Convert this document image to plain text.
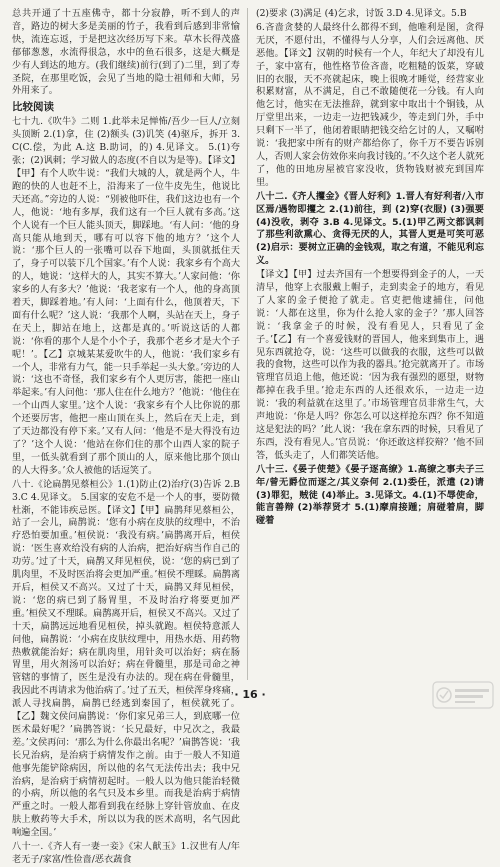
总共开通了十五座佛寺，都十分寂静，听不到人的声音，路边的树大多是美丽的竹子，我看到后感到非常愉快，流连忘返，于是把这次经历写下来。草木长得茂盛郁郁葱葱，水流得很急，水中的鱼石很多，这是大概是少有人到达的地方。(我们继续)前行(到了)二里，到了寿圣院，在那里吃饭，会见了当地的隐士祖师和大师，另外用来了。

比较阅读

七十九.《吹牛》二则 1.此举未足惮怖/吾少一巨人/立刻头顶断 2.(1)拿，住 (2)额头 (3)讥笑 (4)驱斥，拆开 3.C(C.偿，为此 A.这 B.助词，的) 4.见译文。 5.(1)夸张；(2)讽刺；学习做人的态度(不自以为是等)。【译文】【甲】有个人吹牛说：“我们大城的人，就是两个人，牛跑的快的人也赶不上，沿海来了一位牛皮先生，他说比天还高。”旁边的人说：“别被他吓住，我们这边也有一个人，他说：‘地有多厚，我们这有一个巨人就有多高。’这个人说有一个巨人能头顶天，脚踩地。‘有人问：‘他的身高只能从地到天，哪有可以容下他的地方？’这个人说：‘那个巨人的一张嘴可以吞下地面，头顶就抵住天了，身子可以装下几个国家。’有个人说：我家乡有个高大的人，她说：‘这样大的人，其实不算大。’人家问他：‘你家乡的人有多大？’他说：‘我老家有一个人，他的身高顶着天，脚踩着地。’有人问：‘上面有什么，他顶着天，下面有什么呢？’这人说：‘我那个人啊，头站在天上，身子在天上，脚站在地上，这都是真的。’听说这话的人都说：‘你看的那个人是个小个子，我那个老乡才是大个子呢！’。【乙】京城某某爱吹牛的人，他说：‘我们家乡有一个人，非常有力气，能一只手举起一头大象。’旁边的人说：‘这也不奇怪，我们家乡有个人更厉害，能把一座山举起来。’有人问他：‘那人住在什么地方？’他说：‘他住在一个山西人家里。’这个人说：‘我家乡有个人比你说的那个还要厉害，他把一座山顶在头上，然后在天上走，到了天边都没有停下来。’又有人问：‘他是不是大得没有边了？’这个人说：‘他站在你们住的那个山西人家的院子里，一低头就看到了那个顶山的人，原来他比那个顶山的人大得多。’众人被他的话逗笑了。

八十.《论扁鹊见蔡桓公》1.(1)防止(2)治疗(3)告诉 2.B 3.C 4.见译文。 5.国家的安危不是一个人的事，要防微杜渐，不能讳疾忌医。【译文】【甲】扁鹊拜见蔡桓公，站了一会儿，扁鹊说：‘您有小病在皮肤的纹理中，不治疗恐怕要加重。’桓侯说：‘我没有病。’扁鹊离开后，桓侯说：‘医生喜欢给没有病的人治病，把治好病当作自己的功劳。’过了十天，扁鹊又拜见桓侯，说：‘您的病已到了肌肉里，不及时医治将会更加严重。’桓侯不理睬。扁鹊离开后，桓侯又不高兴。又过了十天，扁鹊又拜见桓侯，说：‘您的病已到了肠胃里，不及时治疗将要更加严重。’桓侯又不理睬。扁鹊离开后，桓侯又不高兴。又过了十天，扁鹊远远地看见桓侯，掉头就跑。桓侯特意派人问他，扁鹊说：‘小病在皮肤纹理中，用热水焐、用药物热敷就能治好；病在肌肉里，用针灸可以治好；病在肠胃里，用火剂汤可以治好；病在骨髓里，那是司命之神管辖的事情了，医生是没有办法的。现在病在骨髓里，我因此不再请求为他治病了。’过了五天，桓侯浑身疼痛，派人寻找扁鹊，扁鹊已经逃到秦国了，桓侯就死了。【乙】魏文侯问扁鹊说：‘你们家兄弟三人，到底哪一位医术最好呢？’扁鹊答说：‘长兄最好，中兄次之，我最差。’文侯再问：‘那么为什么你最出名呢？’扁鹊答说：‘我长兄治病，是治病于病情发作之前。由于一般人不知道他事先能铲除病因，所以他的名气无法传出去；我中兄治病，是治病于病情初起时。一般人以为他只能治轻微的小病，所以他的名气只及本乡里。而我是治病于病情严重之时。一般人都看到我在经脉上穿针管放血、在皮肤上敷药等大手术，所以以为我的医术高明，名气因此响遍全国。’

八十一.《齐人有一妻一妾》《宋人献玉》1.汉世有人/年老无子/家富/性俭啬/恶衣蔬食

(2)要求 (3)满足 (4)乞求，讨饭 3.D 4.见译文。5.B

6.吝啬贪婪的人最终什么都得不到，他唯利是图，贪得无厌，不愿付出，不懂得与人分享，人们会远离他、厌恶他。【译文】汉朝的时候有一个人，年纪大了却没有儿子，家中富有，他性格节俭吝啬，吃粗糙的饭菜，穿破旧的衣服，天不亮就起床，晚上很晚才睡觉，经营家业积累财富，从不满足，自己不敢随便花一分钱。有人向他乞讨，他实在无法推辞，就到家中取出十个铜钱，从厅堂里出来，一边走一边把钱减少，等走到门外，手中只剩下一半了，他闭着眼睛把钱交给乞讨的人，又嘱咐说：‘我把家中所有的财产都给你了，你千万不要告诉别人，否则人家会仿效你来向我讨钱的。’不久这个老人就死了，他的田地房屋被官家没收，货物钱财被充到国库里。

八十二.《齐人攫金》《晋人好利》1.晋人有好利者/入市区焉/遇物即攫之 2.(1)前往，到 (2)穿(衣服) (3)强要 (4)没收，剥夺 3.B 4.见译文。5.(1)甲乙两文都讽刺了那些利欲熏心、贪得无厌的人，其晋人更是可笑可恶 (2)启示：要树立正确的金钱观，取之有道，不能见利忘义。

【译文】【甲】过去齐国有一个想要得到金子的人，一天清早，他穿上衣服戴上帽子，走到卖金子的地方，看见了人家的金子便抢了就走。官吏把他逮捕住，问他说：‘人都在这里，你为什么抢人家的金子？’那人回答说：‘我拿金子的时候，没有看见人，只看见了金子。’【乙】有一个喜爱钱财的晋国人，他来到集市上，遇见东西就抢夺，说：‘这些可以做我的衣服，这些可以做我的食物，这些可以作为我的器具。’抢完就离开了。市场管理官员追上他，他还说：‘因为我有强烈的愿望，财物都掉在我手里。’抢走东西的人还很欢乐，一边走一边说：‘我的利益就在这里了。’市场管理官员非常生气，大声地说：‘你是人吗？你怎么可以这样抢东西？你不知道这是犯法的吗？’此人说：‘我在拿东西的时候，只看见了东西，没有看见人。’官员说：‘你还敢这样狡辩？’他不回答，低头走了，人们都笑话他。

八十三.《晏子使楚》《晏子逐高缭》1.高缭之事夫子三年/曾无爵位而逐之/其义奈何 2.(1)委任，派遣 (2)请 (3)罪犯，贼徒 (4)举止。3.见译文。4.(1)不辱使命，能言善辩 (2)举荐贤才 5.(1)摩肩接踵；肩碰着肩，脚碰着

· 16 ·
